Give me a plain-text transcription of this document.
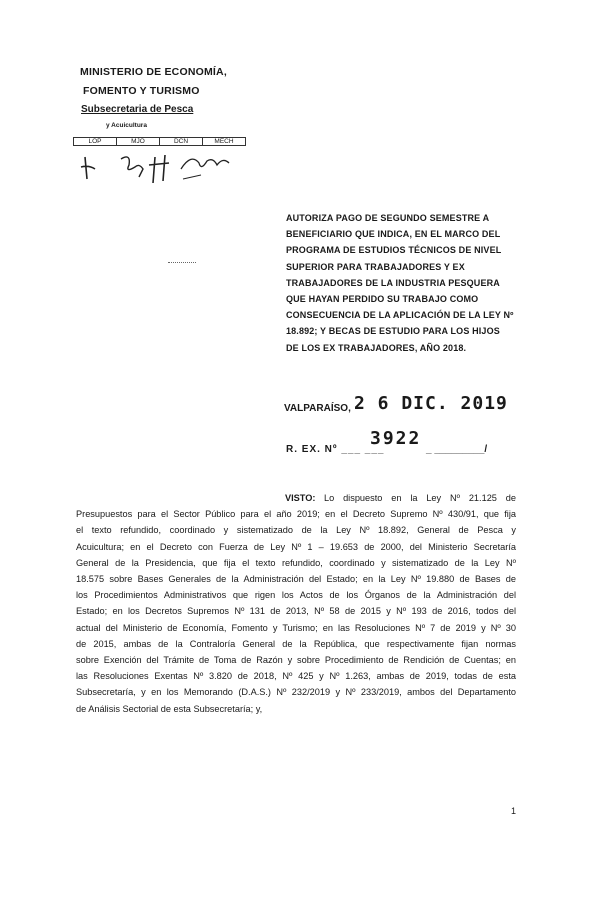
MINISTERIO DE ECONOMÍA,
FOMENTO Y TURISMO
Subsecretaria de Pesca
y Acuicultura
LOP	MJO	DCN	MECH
AUTORIZA PAGO DE SEGUNDO SEMESTRE A
BENEFICIARIO QUE INDICA, EN EL MARCO DEL
PROGRAMA DE ESTUDIOS TÉCNICOS DE NIVEL
SUPERIOR PARA TRABAJADORES Y EX
TRABAJADORES DE LA INDUSTRIA PESQUERA
QUE HAYAN PERDIDO SU TRABAJO COMO
CONSECUENCIA DE LA APLICACIÓN DE LA LEY Nº
18.892; Y BECAS DE ESTUDIO PARA LOS HIJOS
DE LOS EX TRABAJADORES, AÑO 2018.
VALPARAÍSO, 2 6 DIC. 2019
R. EX. Nº ___ ___
3922
_ _________/
VISTO: Lo dispuesto en la Ley Nº 21.125 de
Presupuestos para el Sector Público para el año 2019; en el Decreto Supremo Nº 430/91, que fija
el texto refundido, coordinado y sistematizado de la Ley Nº 18.892, General de Pesca y
Acuicultura; en el Decreto con Fuerza de Ley Nº 1 – 19.653 de 2000, del Ministerio Secretaría
General de la Presidencia, que fija el texto refundido, coordinado y sistematizado de la Ley Nº
18.575 sobre Bases Generales de la Administración del Estado; en la Ley Nº 19.880 de Bases de
los Procedimientos Administrativos que rigen los Actos de los Órganos de la Administración del
Estado; en los Decretos Supremos Nº 131 de 2013, Nº 58 de 2015 y Nº 193 de 2016, todos del
actual del Ministerio de Economía, Fomento y Turismo; en las Resoluciones Nº 7 de 2019 y Nº 30
de 2015, ambas de la Contraloría General de la República, que respectivamente fijan normas
sobre Exención del Trámite de Toma de Razón y sobre Procedimiento de Rendición de Cuentas; en
las Resoluciones Exentas Nº 3.820 de 2018, Nº 425 y Nº 1.263, ambas de 2019, todas de esta
Subsecretaría, y en los Memorando (D.A.S.) Nº 232/2019 y Nº 233/2019, ambos del Departamento
de Análisis Sectorial de esta Subsecretaría; y,
1
